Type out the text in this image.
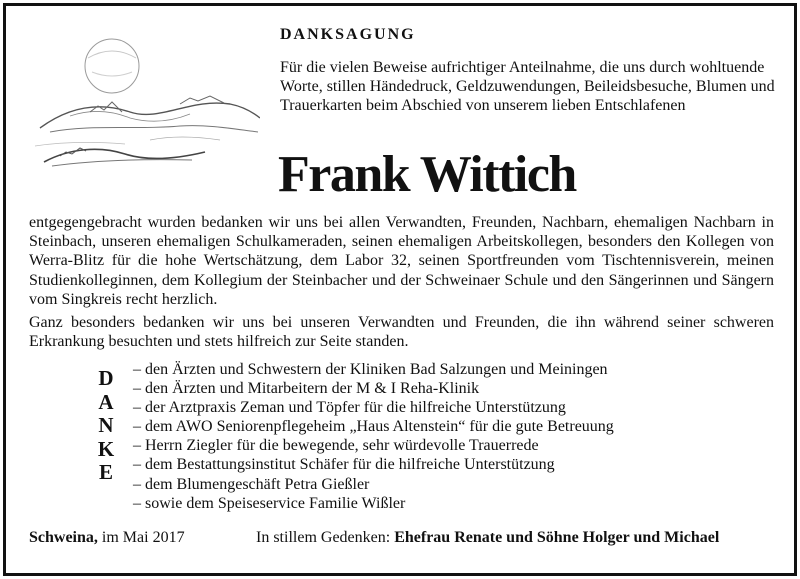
DANKSAGUNG
Für die vielen Beweise aufrichtiger Anteilnahme, die uns durch wohltuende Worte, stillen Händedruck, Geldzuwendungen, Beileidsbesuche, Blumen und Trauerkarten beim Abschied von unserem lieben Entschlafenen
Frank Wittich

entgegengebracht wurden bedanken wir uns bei allen Verwandten, Freunden, Nachbarn, ehemaligen Nachbarn in Steinbach, unseren ehemaligen Schulkameraden, seinen ehemaligen Arbeitskollegen, besonders den Kollegen von Werra-Blitz für die hohe Wertschätzung, dem Labor 32, seinen Sportfreunden vom Tischtennisverein, meinen Studienkolleginnen, dem Kollegium der Steinbacher und der Schweinaer Schule und den Sängerinnen und Sängern vom Singkreis recht herzlich.

Ganz besonders bedanken wir uns bei unseren Verwandten und Freunden, die ihn während seiner schweren Erkrankung besuchten und stets hilfreich zur Seite standen.

D
A
N
K
E
– den Ärzten und Schwestern der Kliniken Bad Salzungen und Meiningen
– den Ärzten und Mitarbeitern der M & I Reha-Klinik
– der Arztpraxis Zeman und Töpfer für die hilfreiche Unterstützung
– dem AWO Seniorenpflegeheim „Haus Altenstein“ für die gute Betreuung
– Herrn Ziegler für die bewegende, sehr würdevolle Trauerrede
– dem Bestattungsinstitut Schäfer für die hilfreiche Unterstützung
– dem Blumengeschäft Petra Gießler
– sowie dem Speiseservice Familie Wißler
Schweina, im Mai 2017	In stillem Gedenken: Ehefrau Renate und Söhne Holger und Michael
